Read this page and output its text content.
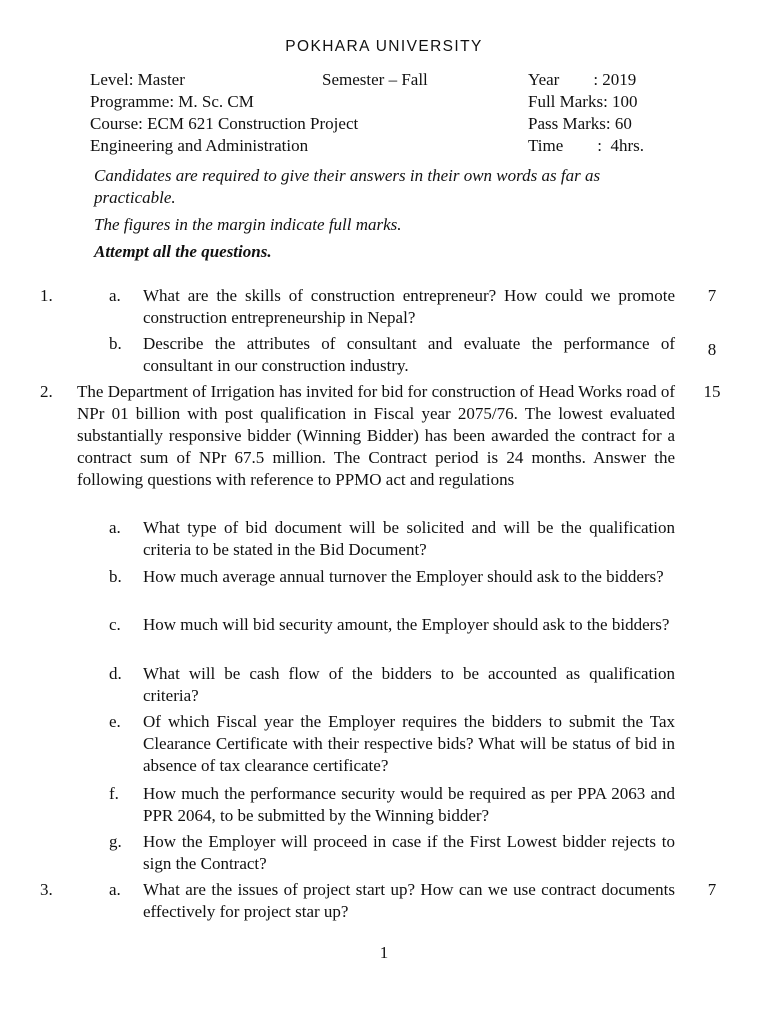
POKHARA UNIVERSITY
Level: Master	Semester – Fall	Year        : 2019
Programme: M. Sc. CM	Full Marks: 100
Course: ECM 621 Construction Project	Pass Marks: 60
Engineering and Administration	Time        :  4hrs.
Candidates are required to give their answers in their own words as far as practicable.
The figures in the margin indicate full marks.
Attempt all the questions.
1.	a. What are the skills of construction entrepreneur? How could we promote construction entrepreneurship in Nepal?
7
b. Describe the attributes of consultant and evaluate the performance of consultant in our construction industry.
8
2. The Department of Irrigation has invited for bid for construction of Head Works road of NPr 01 billion with post qualification in Fiscal year 2075/76. The lowest evaluated substantially responsive bidder (Winning Bidder) has been awarded the contract for a contract sum of NPr 67.5 million. The Contract period is 24 months. Answer the following questions with reference to PPMO act and regulations
15
a. What type of bid document will be solicited and will be the qualification criteria to be stated in the Bid Document?
b. How much average annual turnover the Employer should ask to the bidders?
c. How much will bid security amount, the Employer should ask to the bidders?
d. What will be cash flow of the bidders to be accounted as qualification criteria?
e. Of which Fiscal year the Employer requires the bidders to submit the Tax Clearance Certificate with their respective bids? What will be status of bid in absence of tax clearance certificate?
f. How much the performance security would be required as per PPA 2063 and PPR 2064, to be submitted by the Winning bidder?
g. How the Employer will proceed in case if the First Lowest bidder rejects to sign the Contract?
3.	a. What are the issues of project start up? How can we use contract documents effectively for project star up?
7
1
